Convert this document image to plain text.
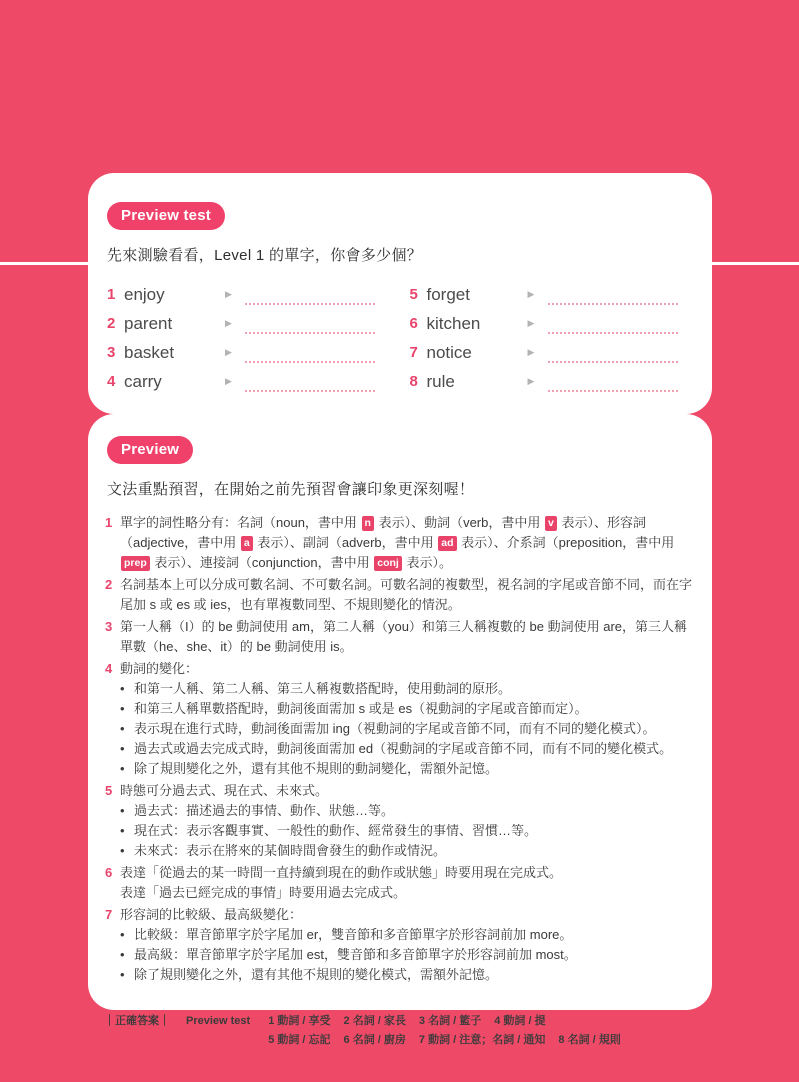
Preview test
先來測驗看看，Level 1 的單字，你會多少個？
1 enjoy	▶
2 parent	▶
3 basket	▶
4 carry	▶
5 forget	▶
6 kitchen	▶
7 notice	▶
8 rule	▶
Preview
文法重點預習，在開始之前先預習會讓印象更深刻喔！
1 單字的詞性略分有：名詞（noun，書中用 n 表示）、動詞（verb，書中用 v 表示）、形容詞（adjective，書中用 a 表示）、副詞（adverb，書中用 ad 表示）、介系詞（preposition，書中用 prep 表示）、連接詞（conjunction，書中用 conj 表示）。
2 名詞基本上可以分成可數名詞、不可數名詞。可數名詞的複數型，視名詞的字尾或音節不同，而在字尾加 s 或 es 或 ies，也有單複數同型、不規則變化的情況。
3 第一人稱（I）的 be 動詞使用 am，第二人稱（you）和第三人稱複數的 be 動詞使用 are，第三人稱單數（he、she、it）的 be 動詞使用 is。
4 動詞的變化：
• 和第一人稱、第二人稱、第三人稱複數搭配時，使用動詞的原形。
• 和第三人稱單數搭配時，動詞後面需加 s 或是 es（視動詞的字尾或音節而定）。
• 表示現在進行式時，動詞後面需加 ing（視動詞的字尾或音節不同，而有不同的變化模式）。
• 過去式或過去完成式時，動詞後面需加 ed（視動詞的字尾或音節不同，而有不同的變化模式。
• 除了規則變化之外，還有其他不規則的動詞變化，需額外記憶。
5 時態可分過去式、現在式、未來式。
• 過去式：描述過去的事情、動作、狀態…等。
• 現在式：表示客觀事實、一般性的動作、經常發生的事情、習慣…等。
• 未來式：表示在將來的某個時間會發生的動作或情況。
6 表達「從過去的某一時間一直持續到現在的動作或狀態」時要用現在完成式。
表達「過去已經完成的事情」時要用過去完成式。
7 形容詞的比較級、最高級變化：
• 比較級：單音節單字於字尾加 er，雙音節和多音節單字於形容詞前加 more。
• 最高級：單音節單字於字尾加 est，雙音節和多音節單字於形容詞前加 most。
• 除了規則變化之外，還有其他不規則的變化模式，需額外記憶。
｜正確答案｜ Preview test 1 動詞 / 享受 2 名詞 / 家長 3 名詞 / 籃子 4 動詞 / 提
5 動詞 / 忘記 6 名詞 / 廚房 7 動詞 / 注意；名詞 / 通知 8 名詞 / 規則
